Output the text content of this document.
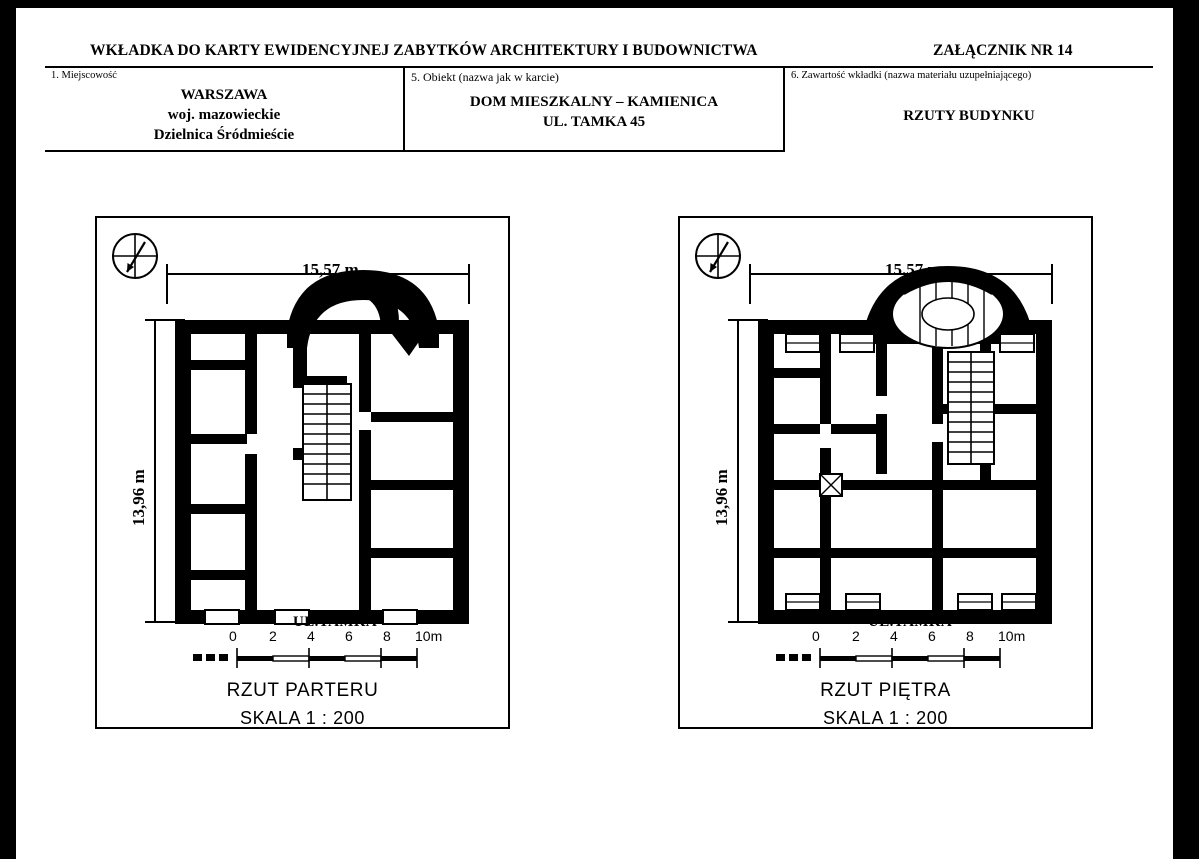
WKŁADKA DO KARTY EWIDENCYJNEJ ZABYTKÓW ARCHITEKTURY I BUDOWNICTWA	ZAŁĄCZNIK NR 14
1. Miejscowość
WARSZAWA
woj. mazowieckie
Dzielnica Śródmieście
5. Obiekt (nazwa jak w karcie)
DOM MIESZKALNY – KAMIENICA
UL. TAMKA 45
6. Zawartość wkładki (nazwa materiału uzupełniającego)
RZUTY BUDYNKU
15,57 m
13,96 m
UL.TAMKA
0 2 4 6 8 10m
RZUT PARTERU
SKALA 1 : 200
15.57 m
13,96 m
UL.TAMKA
0 2 4 6 8 10m
RZUT PIĘTRA
SKALA 1 : 200
